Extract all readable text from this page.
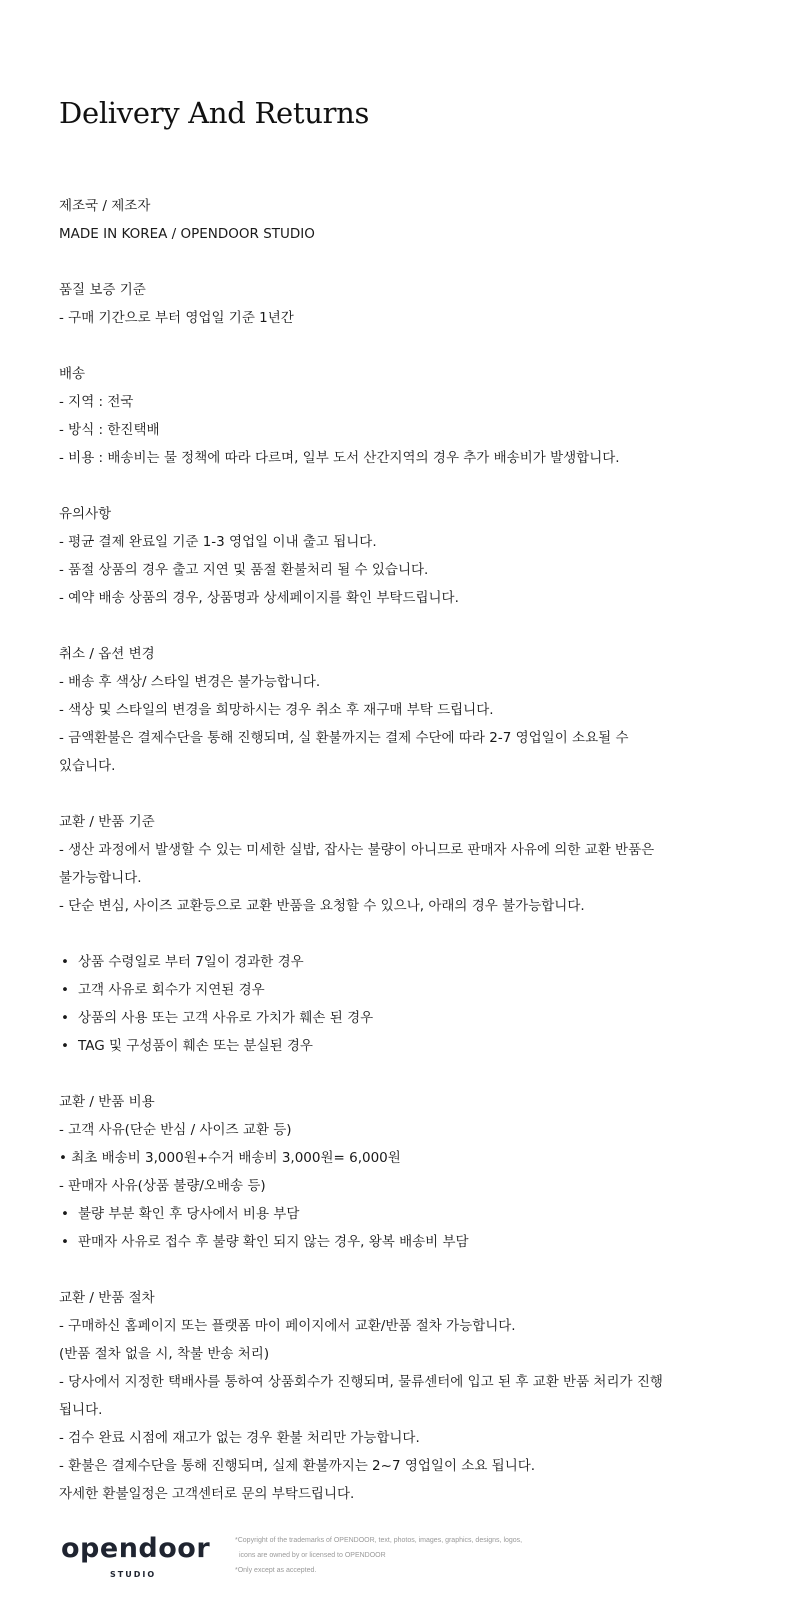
Delivery And Returns
제조국 / 제조자
MADE IN KOREA / OPENDOOR STUDIO
품질 보증 기준
- 구매 기간으로 부터 영업일 기준 1년간
배송
- 지역 : 전국
- 방식 : 한진택배
- 비용 : 배송비는 물 정책에 따라 다르며, 일부 도서 산간지역의 경우 추가 배송비가 발생합니다.
유의사항
- 평균 결제 완료일 기준 1-3 영업일 이내 출고 됩니다.
- 품절 상품의 경우 출고 지연 및 품절 환불처리 될 수 있습니다.
- 예약 배송 상품의 경우, 상품명과 상세페이지를 확인 부탁드립니다.
취소 / 옵션 변경
- 배송 후 색상/ 스타일 변경은 불가능합니다.
- 색상 및 스타일의 변경을 희망하시는 경우 취소 후 재구매 부탁 드립니다.
- 금액환불은 결제수단을 통해 진행되며, 실 환불까지는 결제 수단에 따라 2-7 영업일이 소요될 수
있습니다.
교환 / 반품 기준
- 생산 과정에서 발생할 수 있는 미세한 실밥, 잡사는 불량이 아니므로 판매자 사유에 의한 교환 반품은
불가능합니다.
- 단순 변심, 사이즈 교환등으로 교환 반품을 요청할 수 있으나, 아래의 경우 불가능합니다.
• 상품 수령일로 부터 7일이 경과한 경우
• 고객 사유로 회수가 지연된 경우
• 상품의 사용 또는 고객 사유로 가치가 훼손 된 경우
• TAG 및 구성품이 훼손 또는 분실된 경우
교환 / 반품 비용
- 고객 사유(단순 반심 / 사이즈 교환 등)
• 최초 배송비 3,000원+수거 배송비 3,000원= 6,000원
- 판매자 사유(상품 불량/오배송 등)
• 불량 부분 확인 후 당사에서 비용 부담
• 판매자 사유로 접수 후 불량 확인 되지 않는 경우, 왕복 배송비 부담
교환 / 반품 절차
- 구매하신 홈페이지 또는 플랫폼 마이 페이지에서 교환/반품 절차 가능합니다.
(반품 절차 없을 시, 착불 반송 처리)
- 당사에서 지정한 택배사를 통하여 상품회수가 진행되며, 물류센터에 입고 된 후 교환 반품 처리가 진행
됩니다.
- 검수 완료 시점에 재고가 없는 경우 환불 처리만 가능합니다.
- 환불은 결제수단을 통해 진행되며, 실제 환불까지는 2~7 영업일이 소요 됩니다.
자세한 환불일정은 고객센터로 문의 부탁드립니다.
opendoor
STUDIO
*Copyright of the trademarks of OPENDOOR, text, photos, images, graphics, designs, logos,
icons are owned by or licensed to OPENDOOR
*Only except as accepted.
